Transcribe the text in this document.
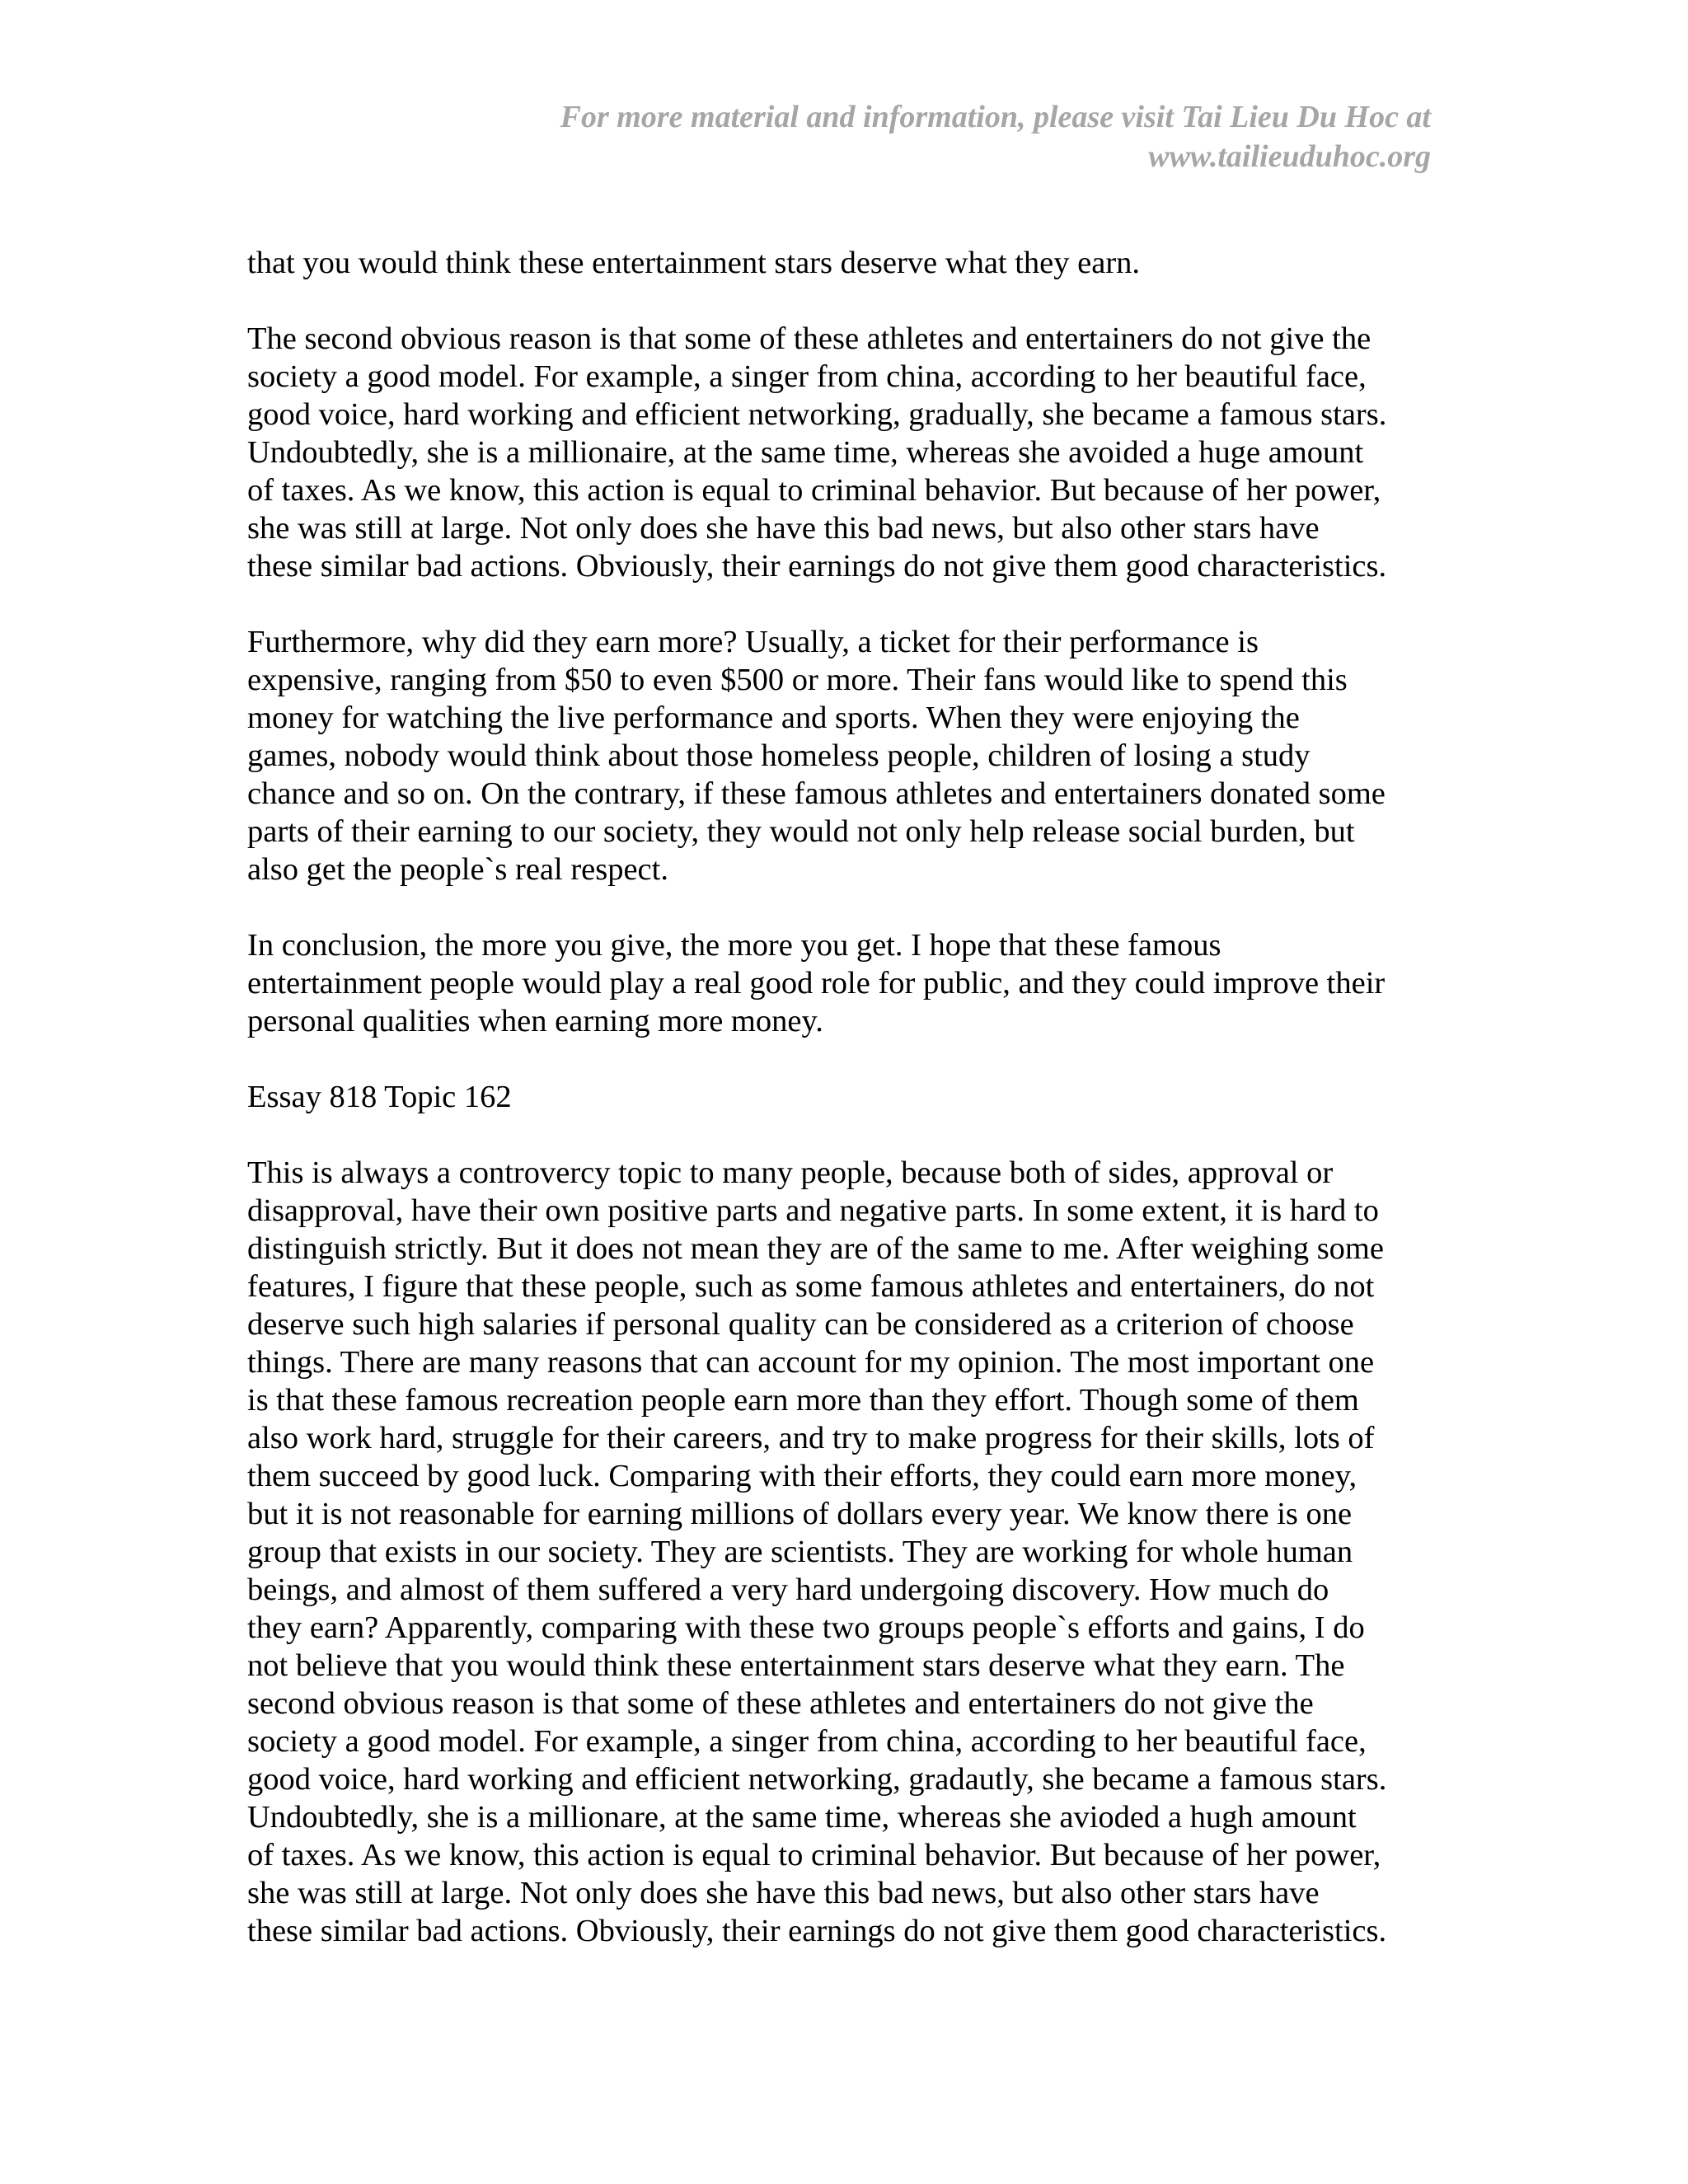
For more material and information, please visit Tai Lieu Du Hoc at
www.tailieuduhoc.org
that you would think these entertainment stars deserve what they earn.
The second obvious reason is that some of these athletes and entertainers do not give the
society a good model. For example, a singer from china, according to her beautiful face,
good voice, hard working and efficient networking, gradually, she became a famous stars.
Undoubtedly, she is a millionaire, at the same time, whereas she avoided a huge amount
of taxes. As we know, this action is equal to criminal behavior. But because of her power,
she was still at large. Not only does she have this bad news, but also other stars have
these similar bad actions. Obviously, their earnings do not give them good characteristics.
Furthermore, why did they earn more? Usually, a ticket for their performance is
expensive, ranging from $50 to even $500 or more. Their fans would like to spend this
money for watching the live performance and sports. When they were enjoying the
games, nobody would think about those homeless people, children of losing a study
chance and so on. On the contrary, if these famous athletes and entertainers donated some
parts of their earning to our society, they would not only help release social burden, but
also get the people`s real respect.
In conclusion, the more you give, the more you get. I hope that these famous
entertainment people would play a real good role for public, and they could improve their
personal qualities when earning more money.
Essay 818 Topic 162
This is always a controvercy topic to many people, because both of sides, approval or
disapproval, have their own positive parts and negative parts. In some extent, it is hard to
distinguish strictly. But it does not mean they are of the same to me. After weighing some
features, I figure that these people, such as some famous athletes and entertainers, do not
deserve such high salaries if personal quality can be considered as a criterion of choose
things. There are many reasons that can account for my opinion. The most important one
is that these famous recreation people earn more than they effort. Though some of them
also work hard, struggle for their careers, and try to make progress for their skills, lots of
them succeed by good luck. Comparing with their efforts, they could earn more money,
but it is not reasonable for earning millions of dollars every year. We know there is one
group that exists in our society. They are scientists. They are working for whole human
beings, and almost of them suffered a very hard undergoing discovery. How much do
they earn? Apparently, comparing with these two groups people`s efforts and gains, I do
not believe that you would think these entertainment stars deserve what they earn. The
second obvious reason is that some of these athletes and entertainers do not give the
society a good model. For example, a singer from china, according to her beautiful face,
good voice, hard working and efficient networking, gradautly, she became a famous stars.
Undoubtedly, she is a millionare, at the same time, whereas she avioded a hugh amount
of taxes. As we know, this action is equal to criminal behavior. But because of her power,
she was still at large. Not only does she have this bad news, but also other stars have
these similar bad actions. Obviously, their earnings do not give them good characteristics.
